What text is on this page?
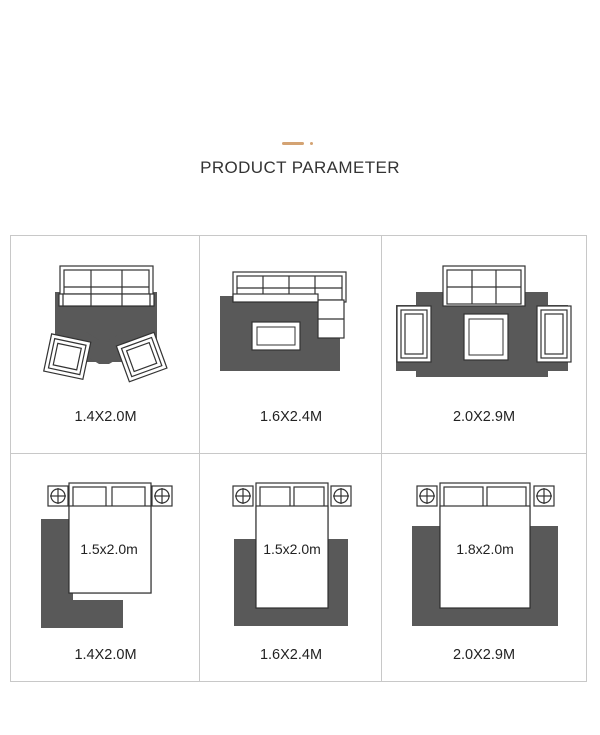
PRODUCT PARAMETER
1.4X2.0M	1.6X2.4M	2.0X2.9M
1.5x2.0m
1.4X2.0M
1.5x2.0m
1.6X2.4M
1.8x2.0m
2.0X2.9M
